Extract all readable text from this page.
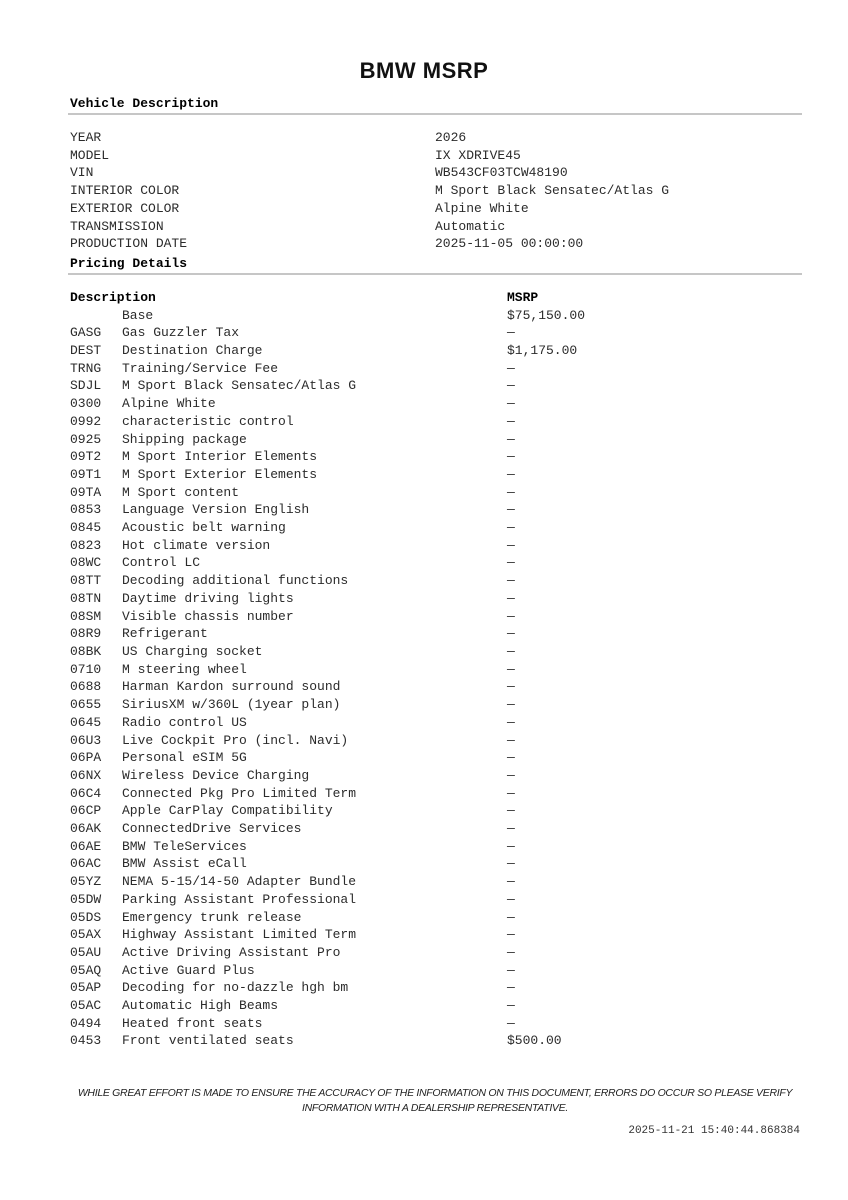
BMW MSRP
Vehicle Description
YEAR	2026
MODEL	IX XDRIVE45
VIN	WB543CF03TCW48190
INTERIOR COLOR	M Sport Black Sensatec/Atlas G
EXTERIOR COLOR	Alpine White
TRANSMISSION	Automatic
PRODUCTION DATE	2025-11-05 00:00:00
Pricing Details
Description	MSRP
Base	$75,150.00
GASG	Gas Guzzler Tax	—
DEST	Destination Charge	$1,175.00
TRNG	Training/Service Fee	—
SDJL	M Sport Black Sensatec/Atlas G	—
0300	Alpine White	—
0992	characteristic control	—
0925	Shipping package	—
09T2	M Sport Interior Elements	—
09T1	M Sport Exterior Elements	—
09TA	M Sport content	—
0853	Language Version English	—
0845	Acoustic belt warning	—
0823	Hot climate version	—
08WC	Control LC	—
08TT	Decoding additional functions	—
08TN	Daytime driving lights	—
08SM	Visible chassis number	—
08R9	Refrigerant	—
08BK	US Charging socket	—
0710	M steering wheel	—
0688	Harman Kardon surround sound	—
0655	SiriusXM w/360L (1year plan)	—
0645	Radio control US	—
06U3	Live Cockpit Pro (incl. Navi)	—
06PA	Personal eSIM 5G	—
06NX	Wireless Device Charging	—
06C4	Connected Pkg Pro Limited Term	—
06CP	Apple CarPlay Compatibility	—
06AK	ConnectedDrive Services	—
06AE	BMW TeleServices	—
06AC	BMW Assist eCall	—
05YZ	NEMA 5-15/14-50 Adapter Bundle	—
05DW	Parking Assistant Professional	—
05DS	Emergency trunk release	—
05AX	Highway Assistant Limited Term	—
05AU	Active Driving Assistant Pro	—
05AQ	Active Guard Plus	—
05AP	Decoding for no-dazzle hgh bm	—
05AC	Automatic High Beams	—
0494	Heated front seats	—
0453	Front ventilated seats	$500.00
WHILE GREAT EFFORT IS MADE TO ENSURE THE ACCURACY OF THE INFORMATION ON THIS DOCUMENT, ERRORS DO OCCUR SO PLEASE VERIFY INFORMATION WITH A DEALERSHIP REPRESENTATIVE.
2025-11-21 15:40:44.868384
